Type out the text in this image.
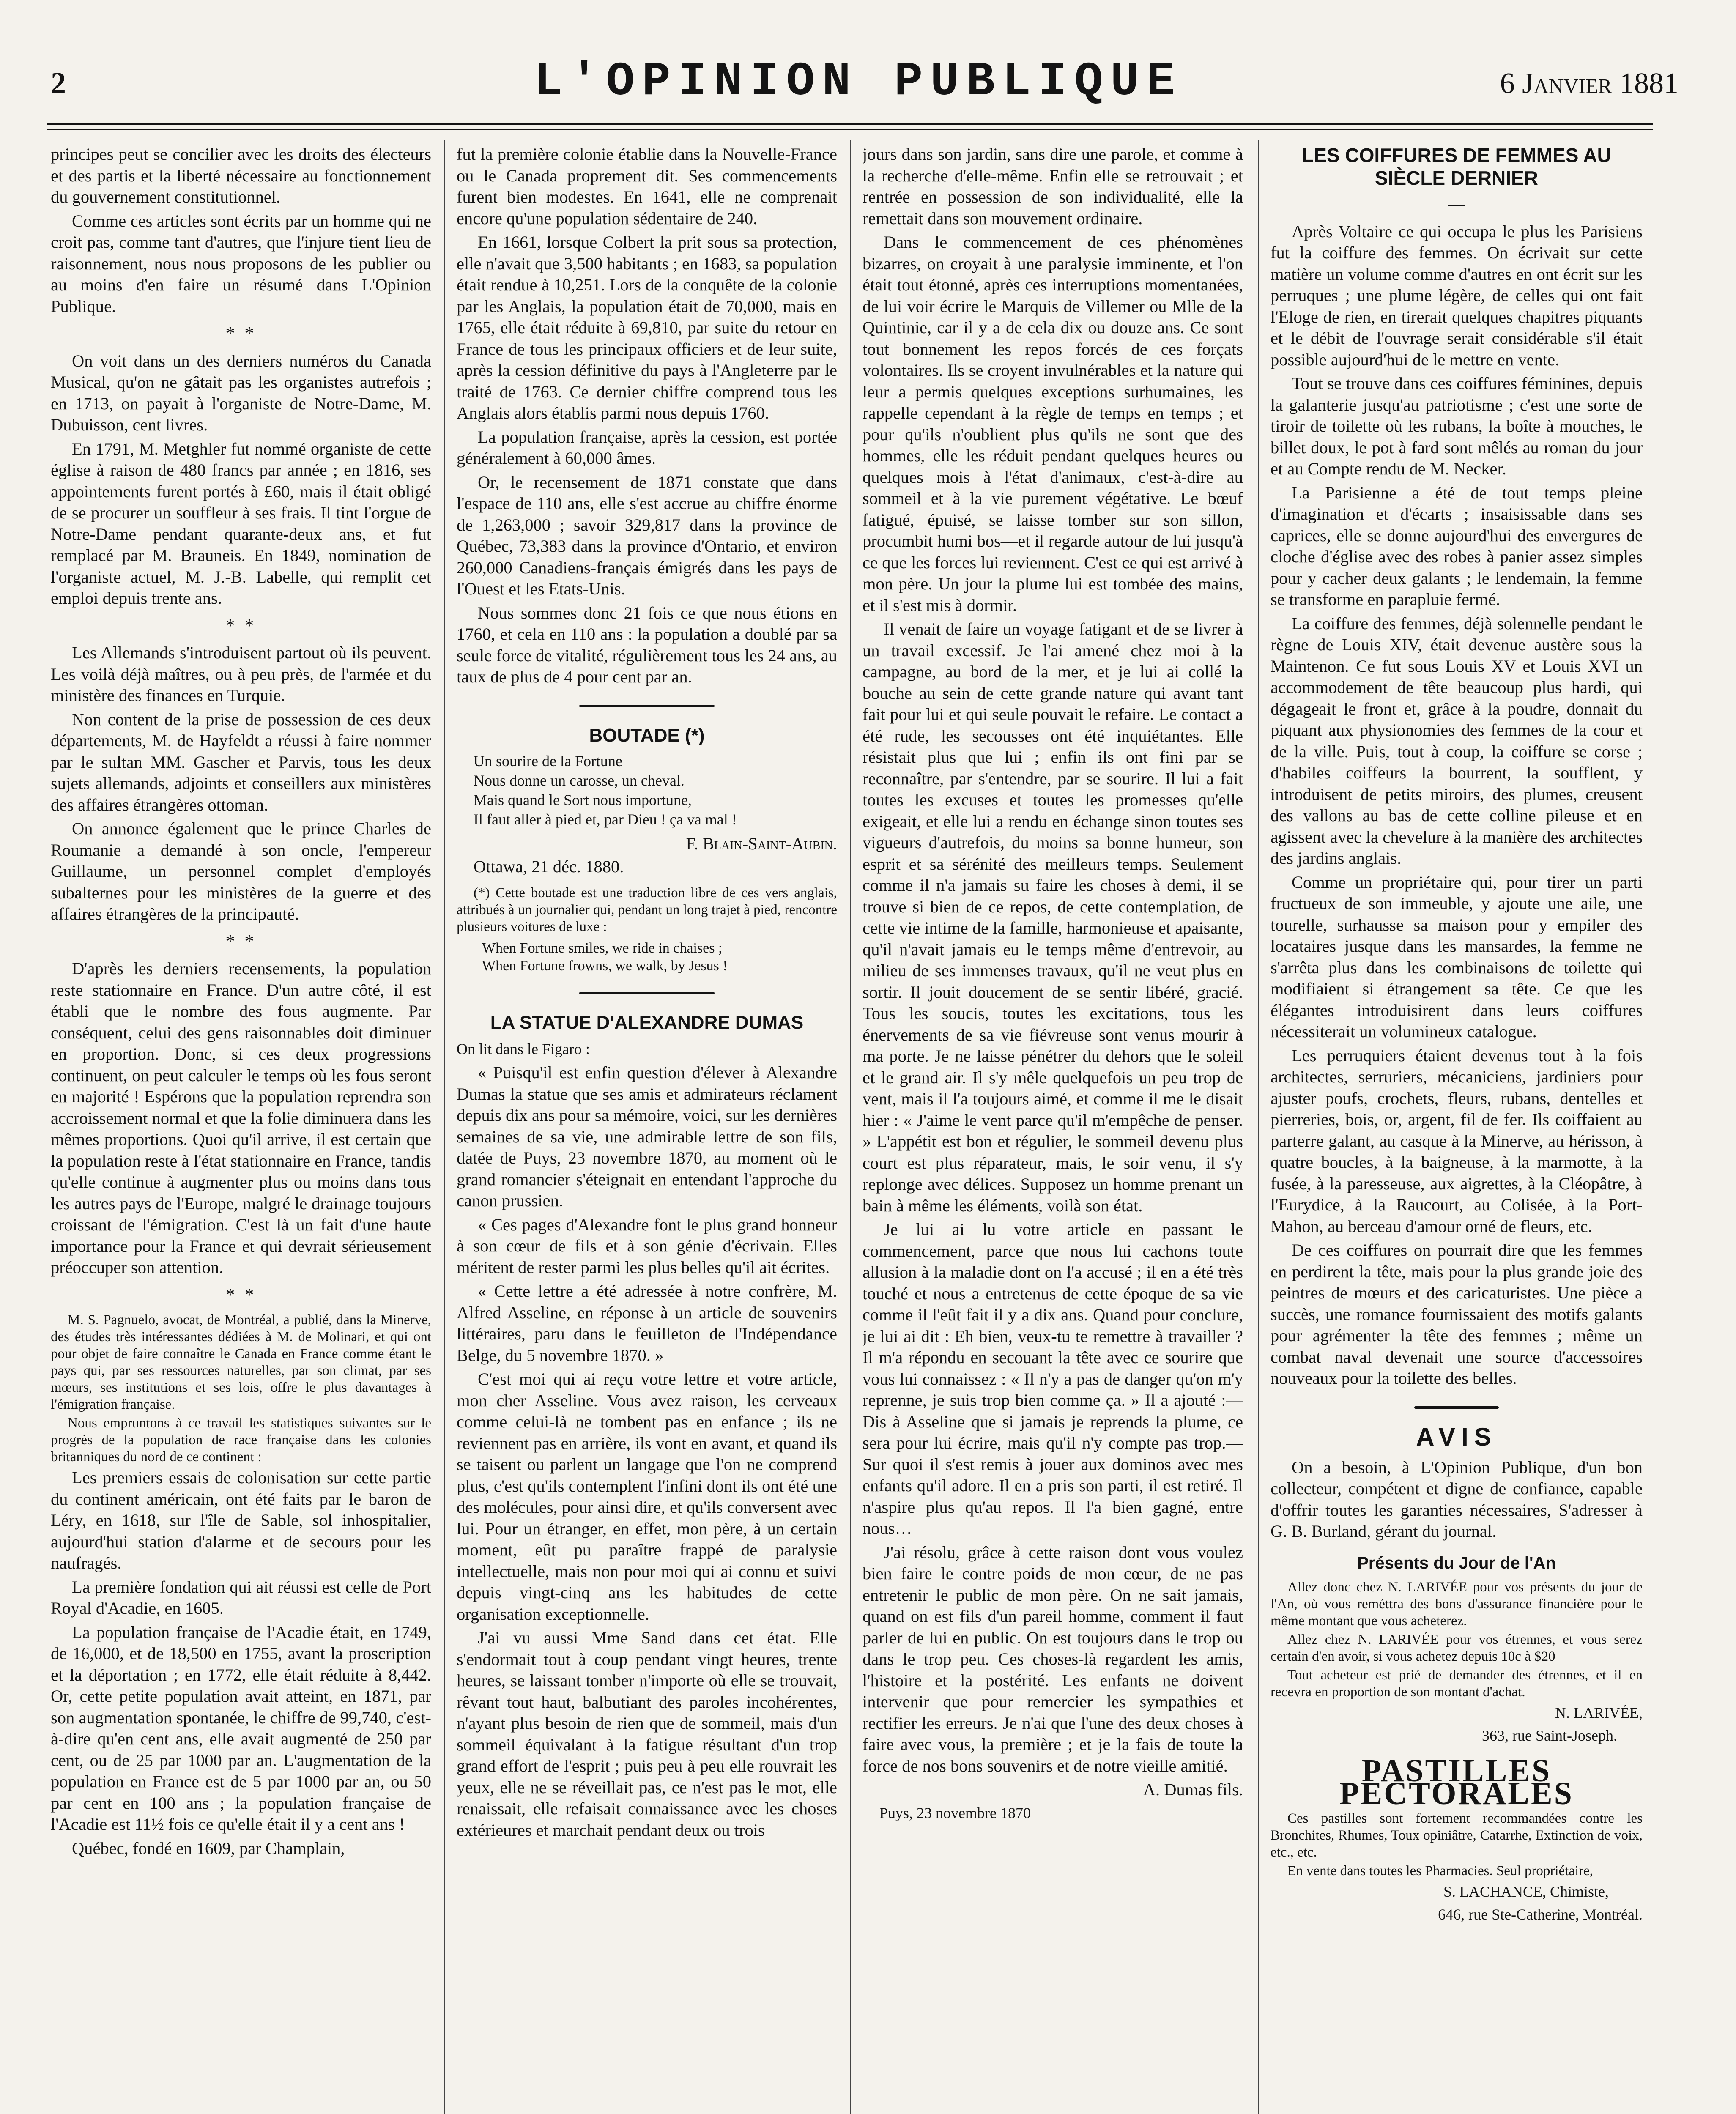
2	L'OPINION PUBLIQUE	6 Janvier 1881

principes peut se concilier avec les droits des électeurs et des partis et la liberté nécessaire au fonctionnement du gouvernement constitutionnel.

Comme ces articles sont écrits par un homme qui ne croit pas, comme tant d'autres, que l'injure tient lieu de raisonnement, nous nous proposons de les publier ou au moins d'en faire un résumé dans L'Opinion Publique.

* *

On voit dans un des derniers numéros du Canada Musical, qu'on ne gâtait pas les organistes autrefois ; en 1713, on payait à l'organiste de Notre-Dame, M. Dubuisson, cent livres.

En 1791, M. Metghler fut nommé organiste de cette église à raison de 480 francs par année ; en 1816, ses appointements furent portés à £60, mais il était obligé de se procurer un souffleur à ses frais. Il tint l'orgue de Notre-Dame pendant quarante-deux ans, et fut remplacé par M. Brauneis. En 1849, nomination de l'organiste actuel, M. J.-B. Labelle, qui remplit cet emploi depuis trente ans.

* *

Les Allemands s'introduisent partout où ils peuvent. Les voilà déjà maîtres, ou à peu près, de l'armée et du ministère des finances en Turquie.

Non content de la prise de possession de ces deux départements, M. de Hayfeldt a réussi à faire nommer par le sultan MM. Gascher et Parvis, tous les deux sujets allemands, adjoints et conseillers aux ministères des affaires étrangères ottoman.

On annonce également que le prince Charles de Roumanie a demandé à son oncle, l'empereur Guillaume, un personnel complet d'employés subalternes pour les ministères de la guerre et des affaires étrangères de la principauté.

* *

D'après les derniers recensements, la population reste stationnaire en France. D'un autre côté, il est établi que le nombre des fous augmente. Par conséquent, celui des gens raisonnables doit diminuer en proportion. Donc, si ces deux progressions continuent, on peut calculer le temps où les fous seront en majorité ! Espérons que la population reprendra son accroissement normal et que la folie diminuera dans les mêmes proportions. Quoi qu'il arrive, il est certain que la population reste à l'état stationnaire en France, tandis qu'elle continue à augmenter plus ou moins dans tous les autres pays de l'Europe, malgré le drainage toujours croissant de l'émigration. C'est là un fait d'une haute importance pour la France et qui devrait sérieusement préoccuper son attention.

* *

M. S. Pagnuelo, avocat, de Montréal, a publié, dans la Minerve, des études très intéressantes dédiées à M. de Molinari, et qui ont pour objet de faire connaître le Canada en France comme étant le pays qui, par ses ressources naturelles, par son climat, par ses mœurs, ses institutions et ses lois, offre le plus davantages à l'émigration française.

Nous empruntons à ce travail les statistiques suivantes sur le progrès de la population de race française dans les colonies britanniques du nord de ce continent :

Les premiers essais de colonisation sur cette partie du continent américain, ont été faits par le baron de Léry, en 1618, sur l'île de Sable, sol inhospitalier, aujourd'hui station d'alarme et de secours pour les naufragés.

La première fondation qui ait réussi est celle de Port Royal d'Acadie, en 1605.

La population française de l'Acadie était, en 1749, de 16,000, et de 18,500 en 1755, avant la proscription et la déportation ; en 1772, elle était réduite à 8,442. Or, cette petite population avait atteint, en 1871, par son augmentation spontanée, le chiffre de 99,740, c'est-à-dire qu'en cent ans, elle avait augmenté de 250 par cent, ou de 25 par 1000 par an. L'augmentation de la population en France est de 5 par 1000 par an, ou 50 par cent en 100 ans ; la population française de l'Acadie est 11½ fois ce qu'elle était il y a cent ans !

Québec, fondé en 1609, par Champlain,

fut la première colonie établie dans la Nouvelle-France ou le Canada proprement dit. Ses commencements furent bien modestes. En 1641, elle ne comprenait encore qu'une population sédentaire de 240.

En 1661, lorsque Colbert la prit sous sa protection, elle n'avait que 3,500 habitants ; en 1683, sa population était rendue à 10,251. Lors de la conquête de la colonie par les Anglais, la population était de 70,000, mais en 1765, elle était réduite à 69,810, par suite du retour en France de tous les principaux officiers et de leur suite, après la cession définitive du pays à l'Angleterre par le traité de 1763. Ce dernier chiffre comprend tous les Anglais alors établis parmi nous depuis 1760.

La population française, après la cession, est portée généralement à 60,000 âmes.

Or, le recensement de 1871 constate que dans l'espace de 110 ans, elle s'est accrue au chiffre énorme de 1,263,000 ; savoir 329,817 dans la province de Québec, 73,383 dans la province d'Ontario, et environ 260,000 Canadiens-français émigrés dans les pays de l'Ouest et les Etats-Unis.

Nous sommes donc 21 fois ce que nous étions en 1760, et cela en 110 ans : la population a doublé par sa seule force de vitalité, régulièrement tous les 24 ans, au taux de plus de 4 pour cent par an.

BOUTADE (*)
Un sourire de la Fortune
Nous donne un carosse, un cheval.
Mais quand le Sort nous importune,
Il faut aller à pied et, par Dieu ! ça va mal !
F. Blain-Saint-Aubin.
Ottawa, 21 déc. 1880.

(*) Cette boutade est une traduction libre de ces vers anglais, attribués à un journalier qui, pendant un long trajet à pied, rencontre plusieurs voitures de luxe :

When Fortune smiles, we ride in chaises ;
When Fortune frowns, we walk, by Jesus !
LA STATUE D'ALEXANDRE DUMAS

On lit dans le Figaro :

« Puisqu'il est enfin question d'élever à Alexandre Dumas la statue que ses amis et admirateurs réclament depuis dix ans pour sa mémoire, voici, sur les dernières semaines de sa vie, une admirable lettre de son fils, datée de Puys, 23 novembre 1870, au moment où le grand romancier s'éteignait en entendant l'approche du canon prussien.

« Ces pages d'Alexandre font le plus grand honneur à son cœur de fils et à son génie d'écrivain. Elles méritent de rester parmi les plus belles qu'il ait écrites.

« Cette lettre a été adressée à notre confrère, M. Alfred Asseline, en réponse à un article de souvenirs littéraires, paru dans le feuilleton de l'Indépendance Belge, du 5 novembre 1870. »

C'est moi qui ai reçu votre lettre et votre article, mon cher Asseline. Vous avez raison, les cerveaux comme celui-là ne tombent pas en enfance ; ils ne reviennent pas en arrière, ils vont en avant, et quand ils se taisent ou parlent un langage que l'on ne comprend plus, c'est qu'ils contemplent l'infini dont ils ont été une des molécules, pour ainsi dire, et qu'ils conversent avec lui. Pour un étranger, en effet, mon père, à un certain moment, eût pu paraître frappé de paralysie intellectuelle, mais non pour moi qui ai connu et suivi depuis vingt-cinq ans les habitudes de cette organisation exceptionnelle.

J'ai vu aussi Mme Sand dans cet état. Elle s'endormait tout à coup pendant vingt heures, trente heures, se laissant tomber n'importe où elle se trouvait, rêvant tout haut, balbutiant des paroles incohérentes, n'ayant plus besoin de rien que de sommeil, mais d'un sommeil équivalant à la fatigue résultant d'un trop grand effort de l'esprit ; puis peu à peu elle rouvrait les yeux, elle ne se réveillait pas, ce n'est pas le mot, elle renaissait, elle refaisait connaissance avec les choses extérieures et marchait pendant deux ou trois

jours dans son jardin, sans dire une parole, et comme à la recherche d'elle-même. Enfin elle se retrouvait ; et rentrée en possession de son individualité, elle la remettait dans son mouvement ordinaire.

Dans le commencement de ces phénomènes bizarres, on croyait à une paralysie imminente, et l'on était tout étonné, après ces interruptions momentanées, de lui voir écrire le Marquis de Villemer ou Mlle de la Quintinie, car il y a de cela dix ou douze ans. Ce sont tout bonnement les repos forcés de ces forçats volontaires. Ils se croyent invulnérables et la nature qui leur a permis quelques exceptions surhumaines, les rappelle cependant à la règle de temps en temps ; et pour qu'ils n'oublient plus qu'ils ne sont que des hommes, elle les réduit pendant quelques heures ou quelques mois à l'état d'animaux, c'est-à-dire au sommeil et à la vie purement végétative. Le bœuf fatigué, épuisé, se laisse tomber sur son sillon, procumbit humi bos—et il regarde autour de lui jusqu'à ce que les forces lui reviennent. C'est ce qui est arrivé à mon père. Un jour la plume lui est tombée des mains, et il s'est mis à dormir.

Il venait de faire un voyage fatigant et de se livrer à un travail excessif. Je l'ai amené chez moi à la campagne, au bord de la mer, et je lui ai collé la bouche au sein de cette grande nature qui avant tant fait pour lui et qui seule pouvait le refaire. Le contact a été rude, les secousses ont été inquiétantes. Elle résistait plus que lui ; enfin ils ont fini par se reconnaître, par s'entendre, par se sourire. Il lui a fait toutes les excuses et toutes les promesses qu'elle exigeait, et elle lui a rendu en échange sinon toutes ses vigueurs d'autrefois, du moins sa bonne humeur, son esprit et sa sérénité des meilleurs temps. Seulement comme il n'a jamais su faire les choses à demi, il se trouve si bien de ce repos, de cette contemplation, de cette vie intime de la famille, harmonieuse et apaisante, qu'il n'avait jamais eu le temps même d'entrevoir, au milieu de ses immenses travaux, qu'il ne veut plus en sortir. Il jouit doucement de se sentir libéré, gracié. Tous les soucis, toutes les excitations, tous les énervements de sa vie fiévreuse sont venus mourir à ma porte. Je ne laisse pénétrer du dehors que le soleil et le grand air. Il s'y mêle quelquefois un peu trop de vent, mais il l'a toujours aimé, et comme il me le disait hier : « J'aime le vent parce qu'il m'empêche de penser. » L'appétit est bon et régulier, le sommeil devenu plus court est plus réparateur, mais, le soir venu, il s'y replonge avec délices. Supposez un homme prenant un bain à même les éléments, voilà son état.

Je lui ai lu votre article en passant le commencement, parce que nous lui cachons toute allusion à la maladie dont on l'a accusé ; il en a été très touché et nous a entretenus de cette époque de sa vie comme il l'eût fait il y a dix ans. Quand pour conclure, je lui ai dit : Eh bien, veux-tu te remettre à travailler ? Il m'a répondu en secouant la tête avec ce sourire que vous lui connaissez : « Il n'y a pas de danger qu'on m'y reprenne, je suis trop bien comme ça. » Il a ajouté :—Dis à Asseline que si jamais je reprends la plume, ce sera pour lui écrire, mais qu'il n'y compte pas trop.—Sur quoi il s'est remis à jouer aux dominos avec mes enfants qu'il adore. Il en a pris son parti, il est retiré. Il n'aspire plus qu'au repos. Il l'a bien gagné, entre nous…

J'ai résolu, grâce à cette raison dont vous voulez bien faire le contre poids de mon cœur, de ne pas entretenir le public de mon père. On ne sait jamais, quand on est fils d'un pareil homme, comment il faut parler de lui en public. On est toujours dans le trop ou dans le trop peu. Ces choses-là regardent les amis, l'histoire et la postérité. Les enfants ne doivent intervenir que pour remercier les sympathies et rectifier les erreurs. Je n'ai que l'une des deux choses à faire avec vous, la première ; et je la fais de toute la force de nos bons souvenirs et de notre vieille amitié.

A. Dumas fils.
Puys, 23 novembre 1870
LES COIFFURES DE FEMMES AU
SIÈCLE DERNIER
—

Après Voltaire ce qui occupa le plus les Parisiens fut la coiffure des femmes. On écrivait sur cette matière un volume comme d'autres en ont écrit sur les perruques ; une plume légère, de celles qui ont fait l'Eloge de rien, en tirerait quelques chapitres piquants et le débit de l'ouvrage serait considérable s'il était possible aujourd'hui de le mettre en vente.

Tout se trouve dans ces coiffures féminines, depuis la galanterie jusqu'au patriotisme ; c'est une sorte de tiroir de toilette où les rubans, la boîte à mouches, le billet doux, le pot à fard sont mêlés au roman du jour et au Compte rendu de M. Necker.

La Parisienne a été de tout temps pleine d'imagination et d'écarts ; insaisissable dans ses caprices, elle se donne aujourd'hui des envergures de cloche d'église avec des robes à panier assez simples pour y cacher deux galants ; le lendemain, la femme se transforme en parapluie fermé.

La coiffure des femmes, déjà solennelle pendant le règne de Louis XIV, était devenue austère sous la Maintenon. Ce fut sous Louis XV et Louis XVI un accommodement de tête beaucoup plus hardi, qui dégageait le front et, grâce à la poudre, donnait du piquant aux physionomies des femmes de la cour et de la ville. Puis, tout à coup, la coiffure se corse ; d'habiles coiffeurs la bourrent, la soufflent, y introduisent de petits miroirs, des plumes, creusent des vallons au bas de cette colline pileuse et en agissent avec la chevelure à la manière des architectes des jardins anglais.

Comme un propriétaire qui, pour tirer un parti fructueux de son immeuble, y ajoute une aile, une tourelle, surhausse sa maison pour y empiler des locataires jusque dans les mansardes, la femme ne s'arrêta plus dans les combinaisons de toilette qui modifiaient si étrangement sa tête. Ce que les élégantes introduisirent dans leurs coiffures nécessiterait un volumineux catalogue.

Les perruquiers étaient devenus tout à la fois architectes, serruriers, mécaniciens, jardiniers pour ajuster poufs, crochets, fleurs, rubans, dentelles et pierreries, bois, or, argent, fil de fer. Ils coiffaient au parterre galant, au casque à la Minerve, au hérisson, à quatre boucles, à la baigneuse, à la marmotte, à la fusée, à la paresseuse, aux aigrettes, à la Cléopâtre, à l'Eurydice, à la Raucourt, au Colisée, à la Port-Mahon, au berceau d'amour orné de fleurs, etc.

De ces coiffures on pourrait dire que les femmes en perdirent la tête, mais pour la plus grande joie des peintres de mœurs et des caricaturistes. Une pièce a succès, une romance fournissaient des motifs galants pour agrémenter la tête des femmes ; même un combat naval devenait une source d'accessoires nouveaux pour la toilette des belles.

AVIS

On a besoin, à L'Opinion Publique, d'un bon collecteur, compétent et digne de confiance, capable d'offrir toutes les garanties nécessaires, S'adresser à G. B. Burland, gérant du journal.

Présents du Jour de l'An

Allez donc chez N. LARIVÉE pour vos présents du jour de l'An, où vous reméttra des bons d'assurance financière pour le même montant que vous acheterez.

Allez chez N. LARIVÉE pour vos étrennes, et vous serez certain d'en avoir, si vous achetez depuis 10c à $20

Tout acheteur est prié de demander des étrennes, et il en recevra en proportion de son montant d'achat.

N. LARIVÉE,
363, rue Saint-Joseph.
PASTILLES PECTORALES

Ces pastilles sont fortement recommandées contre les Bronchites, Rhumes, Toux opiniâtre, Catarrhe, Extinction de voix, etc., etc.

En vente dans toutes les Pharmacies. Seul propriétaire,

S. LACHANCE, Chimiste,
646, rue Ste-Catherine, Montréal.
